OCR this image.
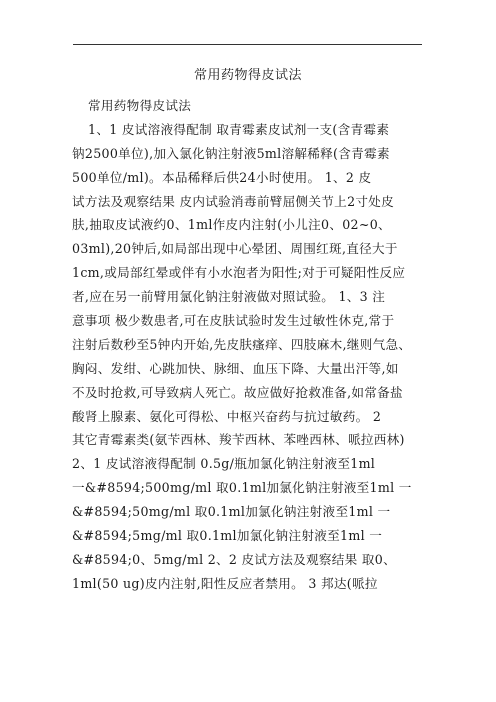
常用药物得皮试法
常用药物得皮试法
1、1 皮试溶液得配制 取青霉素皮试剂一支(含青霉素
钠2500单位),加入氯化钠注射液5ml溶解稀释(含青霉素
500单位/ml)。本品稀释后供24小时使用。 1、2 皮
试方法及观察结果 皮内试验消毒前臂屈侧关节上2寸处皮
肤,抽取皮试液约0、1ml作皮内注射(小儿注0、02~0、
03ml),20钟后,如局部出现中心晕团、周围红斑,直径大于
1cm,或局部红晕或伴有小水泡者为阳性;对于可疑阳性反应
者,应在另一前臂用氯化钠注射液做对照试验。 1、3 注
意事项 极少数患者,可在皮肤试验时发生过敏性休克,常于
注射后数秒至5钟内开始,先皮肤瘙痒、四肢麻木,继则气急、
胸闷、发绀、心跳加快、脉细、血压下降、大量出汗等,如
不及时抢救,可导致病人死亡。故应做好抢救准备,如常备盐
酸肾上腺素、氨化可得松、中枢兴奋药与抗过敏药。 2
其它青霉素类(氨苄西林、羧苄西林、苯唑西林、哌拉西林)
2、1 皮试溶液得配制 0.5g/瓶加氯化钠注射液至1ml
一&#8594;500mg/ml 取0.1ml加氯化钠注射液至1ml 一
&#8594;50mg/ml 取0.1ml加氯化钠注射液至1ml 一
&#8594;5mg/ml 取0.1ml加氯化钠注射液至1ml 一
&#8594;0、5mg/ml 2、2 皮试方法及观察结果 取0、
1ml(50 ug)皮内注射,阳性反应者禁用。 3 邦达(哌拉
